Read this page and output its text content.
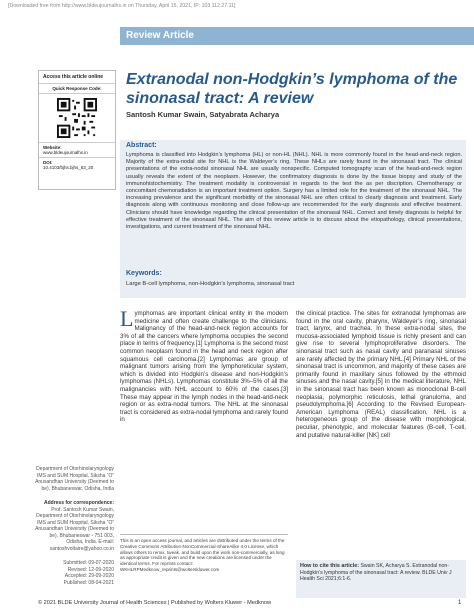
[Downloaded free from http://www.bldeujournalhs.in on Thursday, April 15, 2021, IP: 103.112.27.11]
Review Article
Access this article online
Quick Response Code:
Website:
www.bldeujournalhs.in
DOI:
10.4103/bjhs.bjhs_63_20
Extranodal non-Hodgkin’s lymphoma of the sinonasal tract: A review
Santosh Kumar Swain, Satyabrata Acharya
Abstract:
Lymphoma is classified into Hodgkin’s lymphoma (HL) or non-HL (NHL). NHL is more commonly found in the head-and-neck region. Majority of the extra-nodal site for NHL is the Waldeyer’s ring. These NHLs are rarely found in the sinonasal tract. The clinical presentations of the extra-nodal sinonasal NHL are usually nonspecific. Computed tomography scan of the head-and-neck region usually reveals the extent of the neoplasm. However, the confirmatory diagnosis is done by the tissue biopsy and study of the immunohistochemistry. The treatment modality is controversial in regards to the test the as per discription. Chemotherapy or concomitant chemoradiation is an important treatment option. Surgery has a limited role for the treatment of the sinonasal NHL. The increasing prevalence and the significant morbidity of the sinonasal NHL are often critical to clearly diagnosis and treatment. Early diagnosis along with continuous monitoring and close follow-up are recommended for the early diagnosis and effective treatment. Clinicians should have knowledge regarding the clinical presentation of the sinonasal NHL. Correct and timely diagnosis is helpful for effective treatment of the sinonasal NHL. The aim of this review article is to discuss about the etiopathology, clinical presentations, investigations, and current treatment of the sinonasal NHL.
Keywords:
Large B-cell lymphoma, non-Hodgkin’s lymphoma, sinonasal tract
Lymphomas are important clinical entity in the modern medicine and often create challenge to the clinicians. Malignancy of the head-and-neck region accounts for 3% of all the cancers where lymphoma occupies the second place in terms of frequency.[1] Lymphoma is the second most common neoplasm found in the head and neck region after squamous cell carcinoma.[2] Lymphomas are group of malignant tumors arising from the lymphoreticular system, which is divided into Hodgkin’s disease and non-Hodgkin’s lymphomas (NHLs). Lymphomas constitute 3%–5% of all the malignancies with NHL account to 60% of the cases.[3] These may appear in the lymph nodes in the head-and-neck region or as extra-nodal tumors. The NHL at the sinonasal tract is considered as extra-nodal lymphoma and rarely found in
the clinical practice. The sites for extranodal lymphomas are found in the oral cavity, pharynx, Waldeyer’s ring, sinonasal tract, larynx, and trachea. In these extra-nodal sites, the mucosa-associated lymphoid tissue is richly present and can give rise to several lymphoproliferative disorders. The sinonasal tract such as nasal cavity and paranasal sinuses are rarely affected by the primary NHL.[4] Primary NHL of the sinonasal tract is uncommon, and majority of these cases are primarily found in maxillary sinus followed by the ethmoid sinuses and the nasal cavity.[5] In the medical literature, NHL in the sinonasal tract has been known as monoclonal B-cell neoplasia, polymorphic reticulosis, lethal granuloma, and pseudolymphoma.[6] According to the Revised European-American Lymphoma (REAL) classification, NHL is a heterogeneous group of the disease with morphological, peculiar, phenotypic, and molecular features (B-cell, T-cell, and putative natural-killer [NK] cell
Department of Otorhinolaryngology IMS and SUM Hospital, Siksha “O” Anusandhan University (Deemed to be), Bhubaneswar, Odisha, India
Address for correspondence:
Prof. Santosh Kumar Swain, Department of Otorhinolaryngology IMS and SUM Hospital, Siksha “O” Anusandhan University (Deemed to be), Bhubaneswar - 751 003, Odisha, India. E-mail: santoshvoltaire@yahoo.co.in
Submitted: 09-07-2020
Revised: 12-09-2020
Accepted: 29-09-2020
Published: 08-04-2021
This is an open access journal, and articles are distributed under the terms of the Creative Commons Attribution-NonCommercial-ShareAlike 4.0 License, which allows others to remix, tweak, and build upon the work non-commercially, as long as appropriate credit is given and the new creations are licensed under the identical terms. For reprints contact: WKHLRPMedknow_reprints@wolterskluwer.com
How to cite this article: Swain SK, Acharya S. Extranodal non-Hodgkin’s lymphoma of the sinonasal tract: A review. BLDE Univ J Health Sci 2021;6:1-6.
© 2021 BLDE University Journal of Health Sciences | Published by Wolters Kluwer - Medknow	1
